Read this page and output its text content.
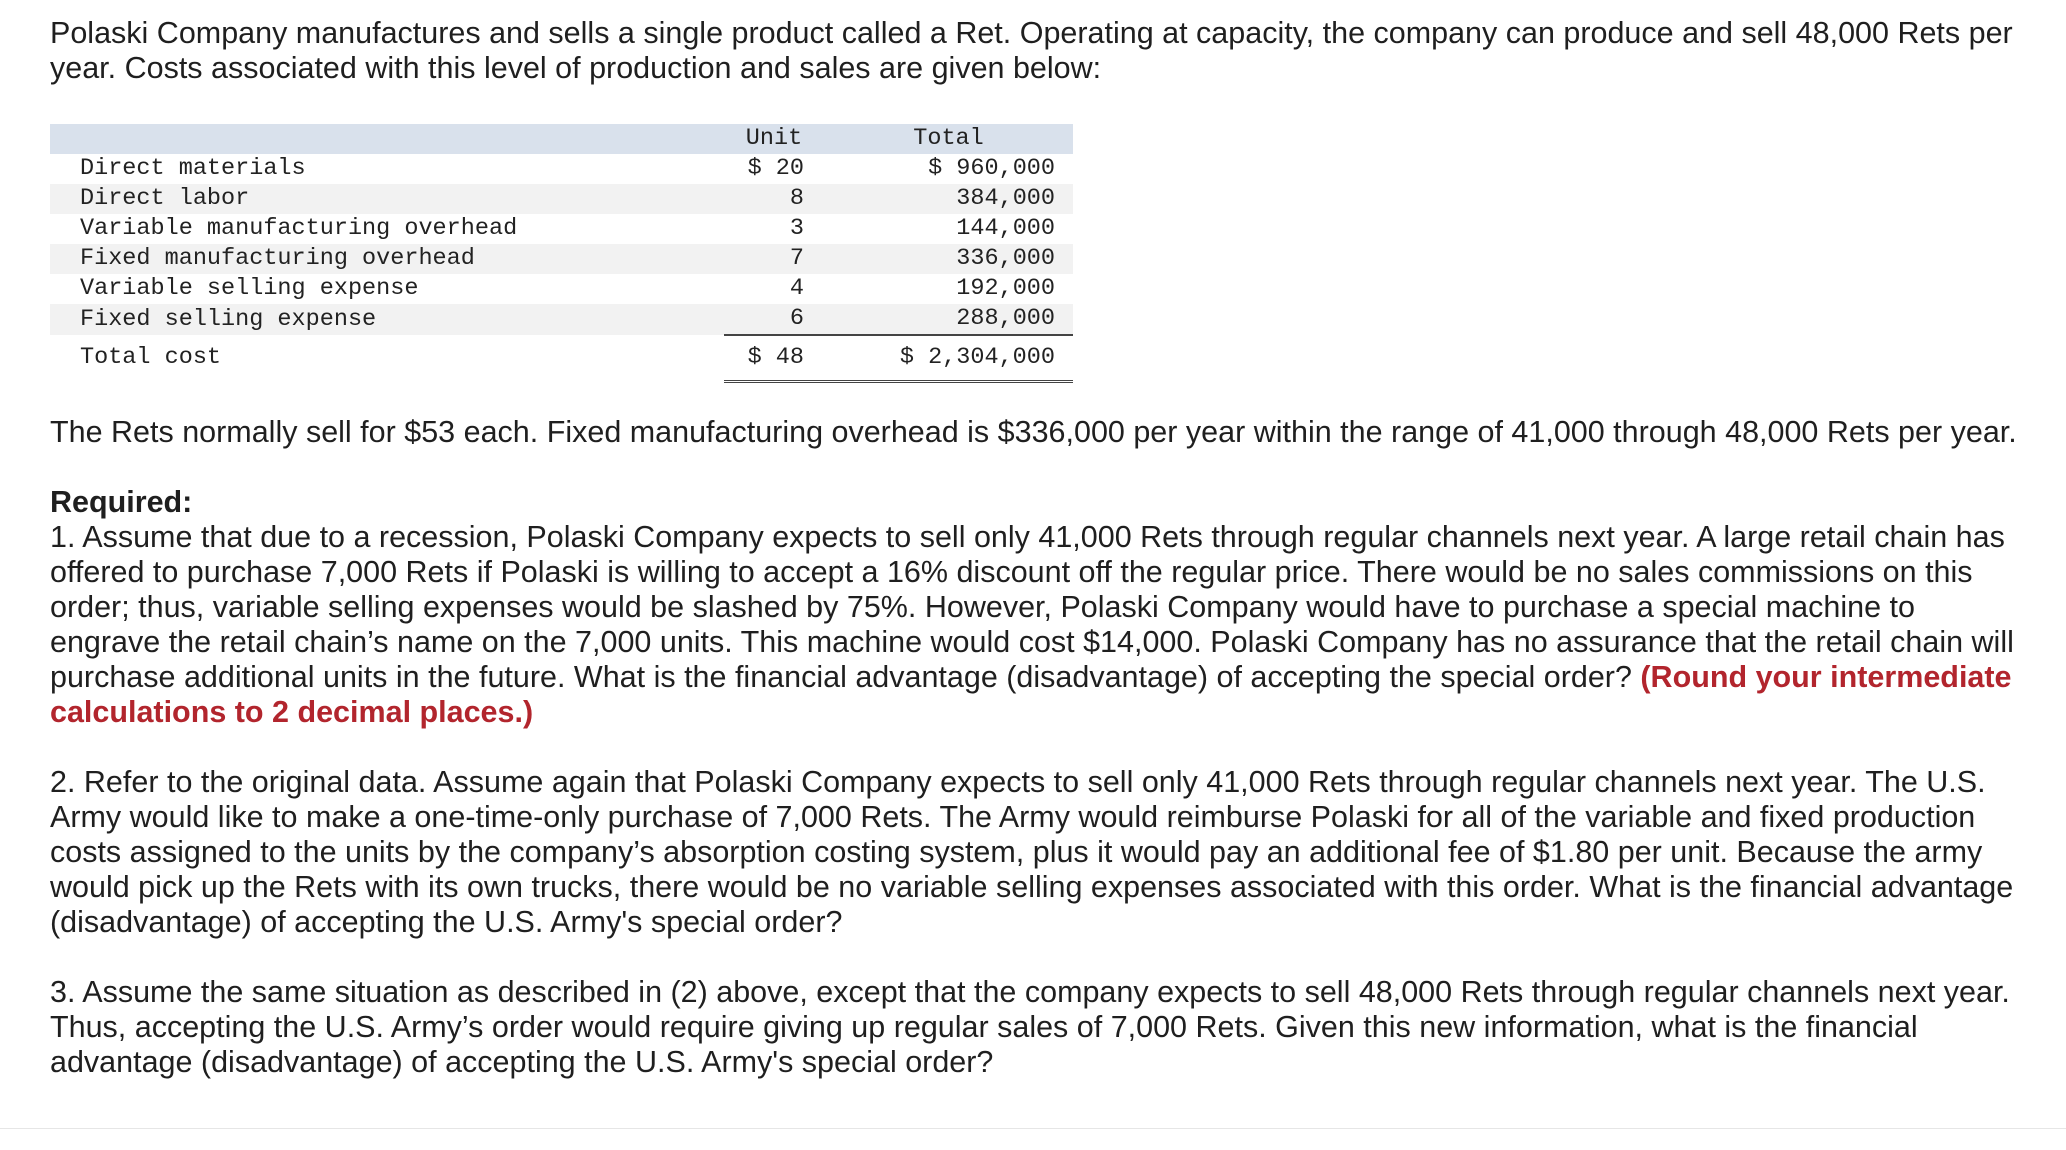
Polaski Company manufactures and sells a single product called a Ret. Operating at capacity, the company can produce and sell 48,000 Rets per year. Costs associated with this level of production and sales are given below:

	Unit	Total
Direct materials	$ 20	$ 960,000
Direct labor	8	384,000
Variable manufacturing overhead	3	144,000
Fixed manufacturing overhead	7	336,000
Variable selling expense	4	192,000
Fixed selling expense	6	288,000
Total cost	$ 48	$ 2,304,000

The Rets normally sell for $53 each. Fixed manufacturing overhead is $336,000 per year within the range of 41,000 through 48,000 Rets per year.

Required:

1. Assume that due to a recession, Polaski Company expects to sell only 41,000 Rets through regular channels next year. A large retail chain has offered to purchase 7,000 Rets if Polaski is willing to accept a 16% discount off the regular price. There would be no sales commissions on this order; thus, variable selling expenses would be slashed by 75%. However, Polaski Company would have to purchase a special machine to engrave the retail chain’s name on the 7,000 units. This machine would cost $14,000. Polaski Company has no assurance that the retail chain will purchase additional units in the future. What is the financial advantage (disadvantage) of accepting the special order? (Round your intermediate calculations to 2 decimal places.)

2. Refer to the original data. Assume again that Polaski Company expects to sell only 41,000 Rets through regular channels next year. The U.S. Army would like to make a one-time-only purchase of 7,000 Rets. The Army would reimburse Polaski for all of the variable and fixed production costs assigned to the units by the company’s absorption costing system, plus it would pay an additional fee of $1.80 per unit. Because the army would pick up the Rets with its own trucks, there would be no variable selling expenses associated with this order. What is the financial advantage (disadvantage) of accepting the U.S. Army's special order?

3. Assume the same situation as described in (2) above, except that the company expects to sell 48,000 Rets through regular channels next year. Thus, accepting the U.S. Army’s order would require giving up regular sales of 7,000 Rets. Given this new information, what is the financial advantage (disadvantage) of accepting the U.S. Army's special order?
